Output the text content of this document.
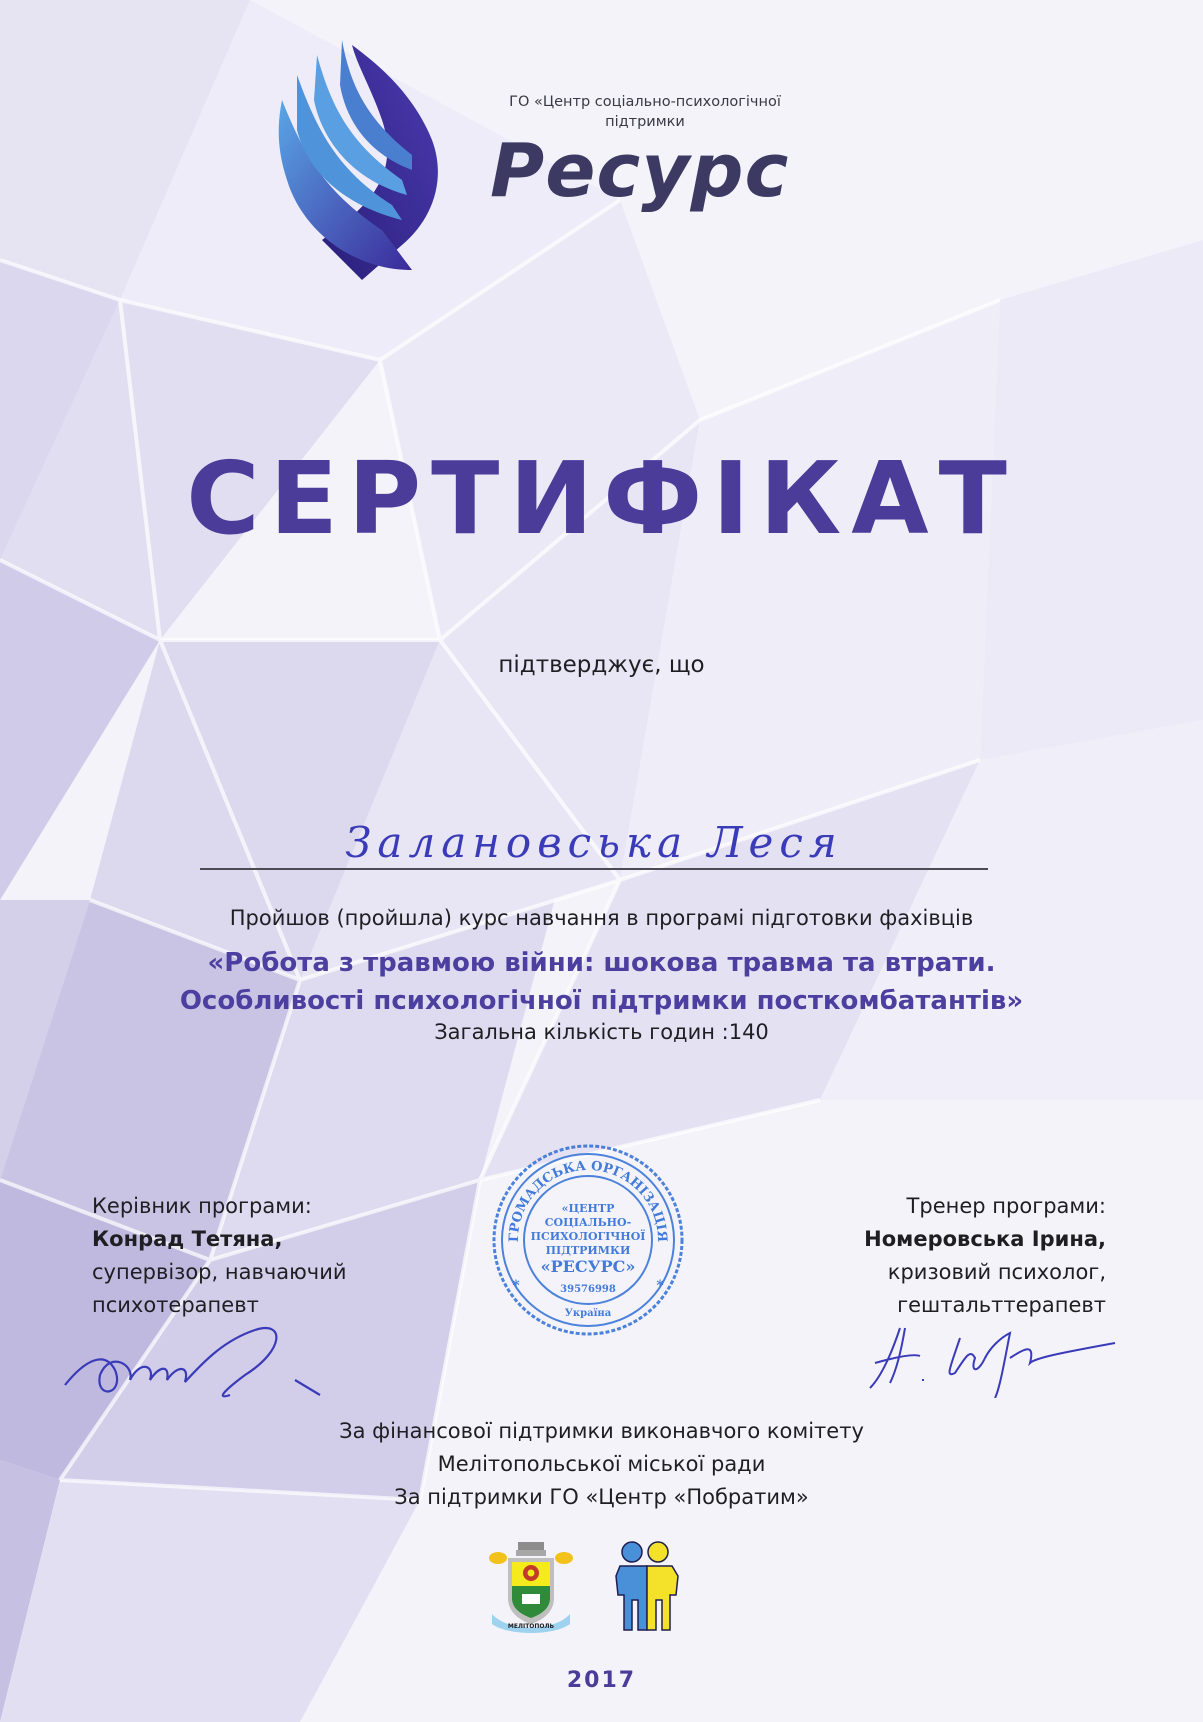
ГО «Центр соціально-психологічної
підтримки
Ресурс
СЕРТИФІКАТ
підтверджує, що
Заланoвська Леся
Пройшов (пройшла) курс навчання в програмі підготовки фахівців
«Робота з травмою війни: шокова травма та втрати.
Особливості психологічної підтримки посткомбатантів»
Загальна кількість годин :140
Керівник програми:
Конрад Тетяна,
супервізор, навчаючий
психотерапевт
ГРОМАДСЬКА ОРГАНІЗАЦІЯ
«ЦЕНТР
СОЦІАЛЬНО-
ПСИХОЛОГІЧНОЇ
ПІДТРИМКИ
«РЕСУРС»
39576998
Україна
*	*
Тренер програми:
Номеровська Ірина,
кризовий психолог,
гештальттерапевт
За фінансової підтримки виконавчого комітету
Мелітопольської міської ради
За підтримки ГО «Центр «Побратим»
МЕЛІТОПОЛЬ
2017
